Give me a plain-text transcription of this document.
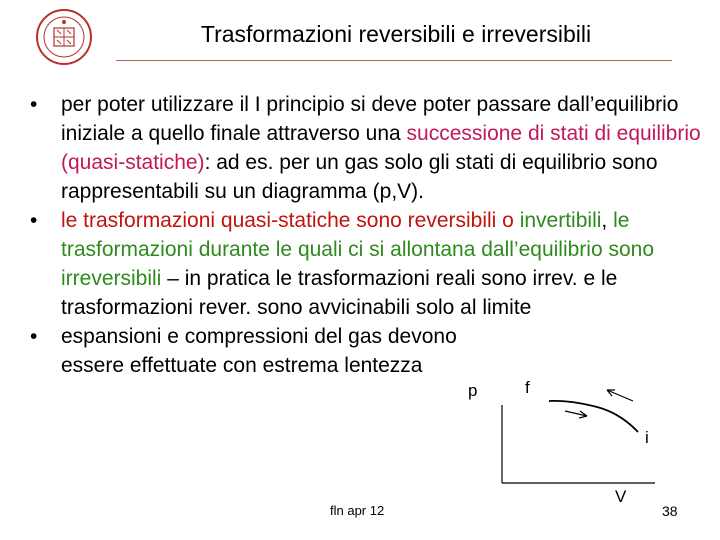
Trasformazioni reversibili e irreversibili
• per poter utilizzare il I principio si deve poter passare dall’equilibrio iniziale a quello finale attraverso una successione di stati di equilibrio (quasi-statiche): ad es. per un gas solo gli stati di equilibrio sono rappresentabili su un diagramma (p,V).
• le trasformazioni quasi-statiche sono reversibili o invertibili, le trasformazioni durante le quali ci si allontana dall’equilibrio sono irreversibili – in pratica le trasformazioni reali sono irrev. e le trasformazioni rever. sono avvicinabili solo al limite
• espansioni e compressioni del gas devono essere effettuate con estrema lentezza
p
V
f
i
fln apr 12	38
